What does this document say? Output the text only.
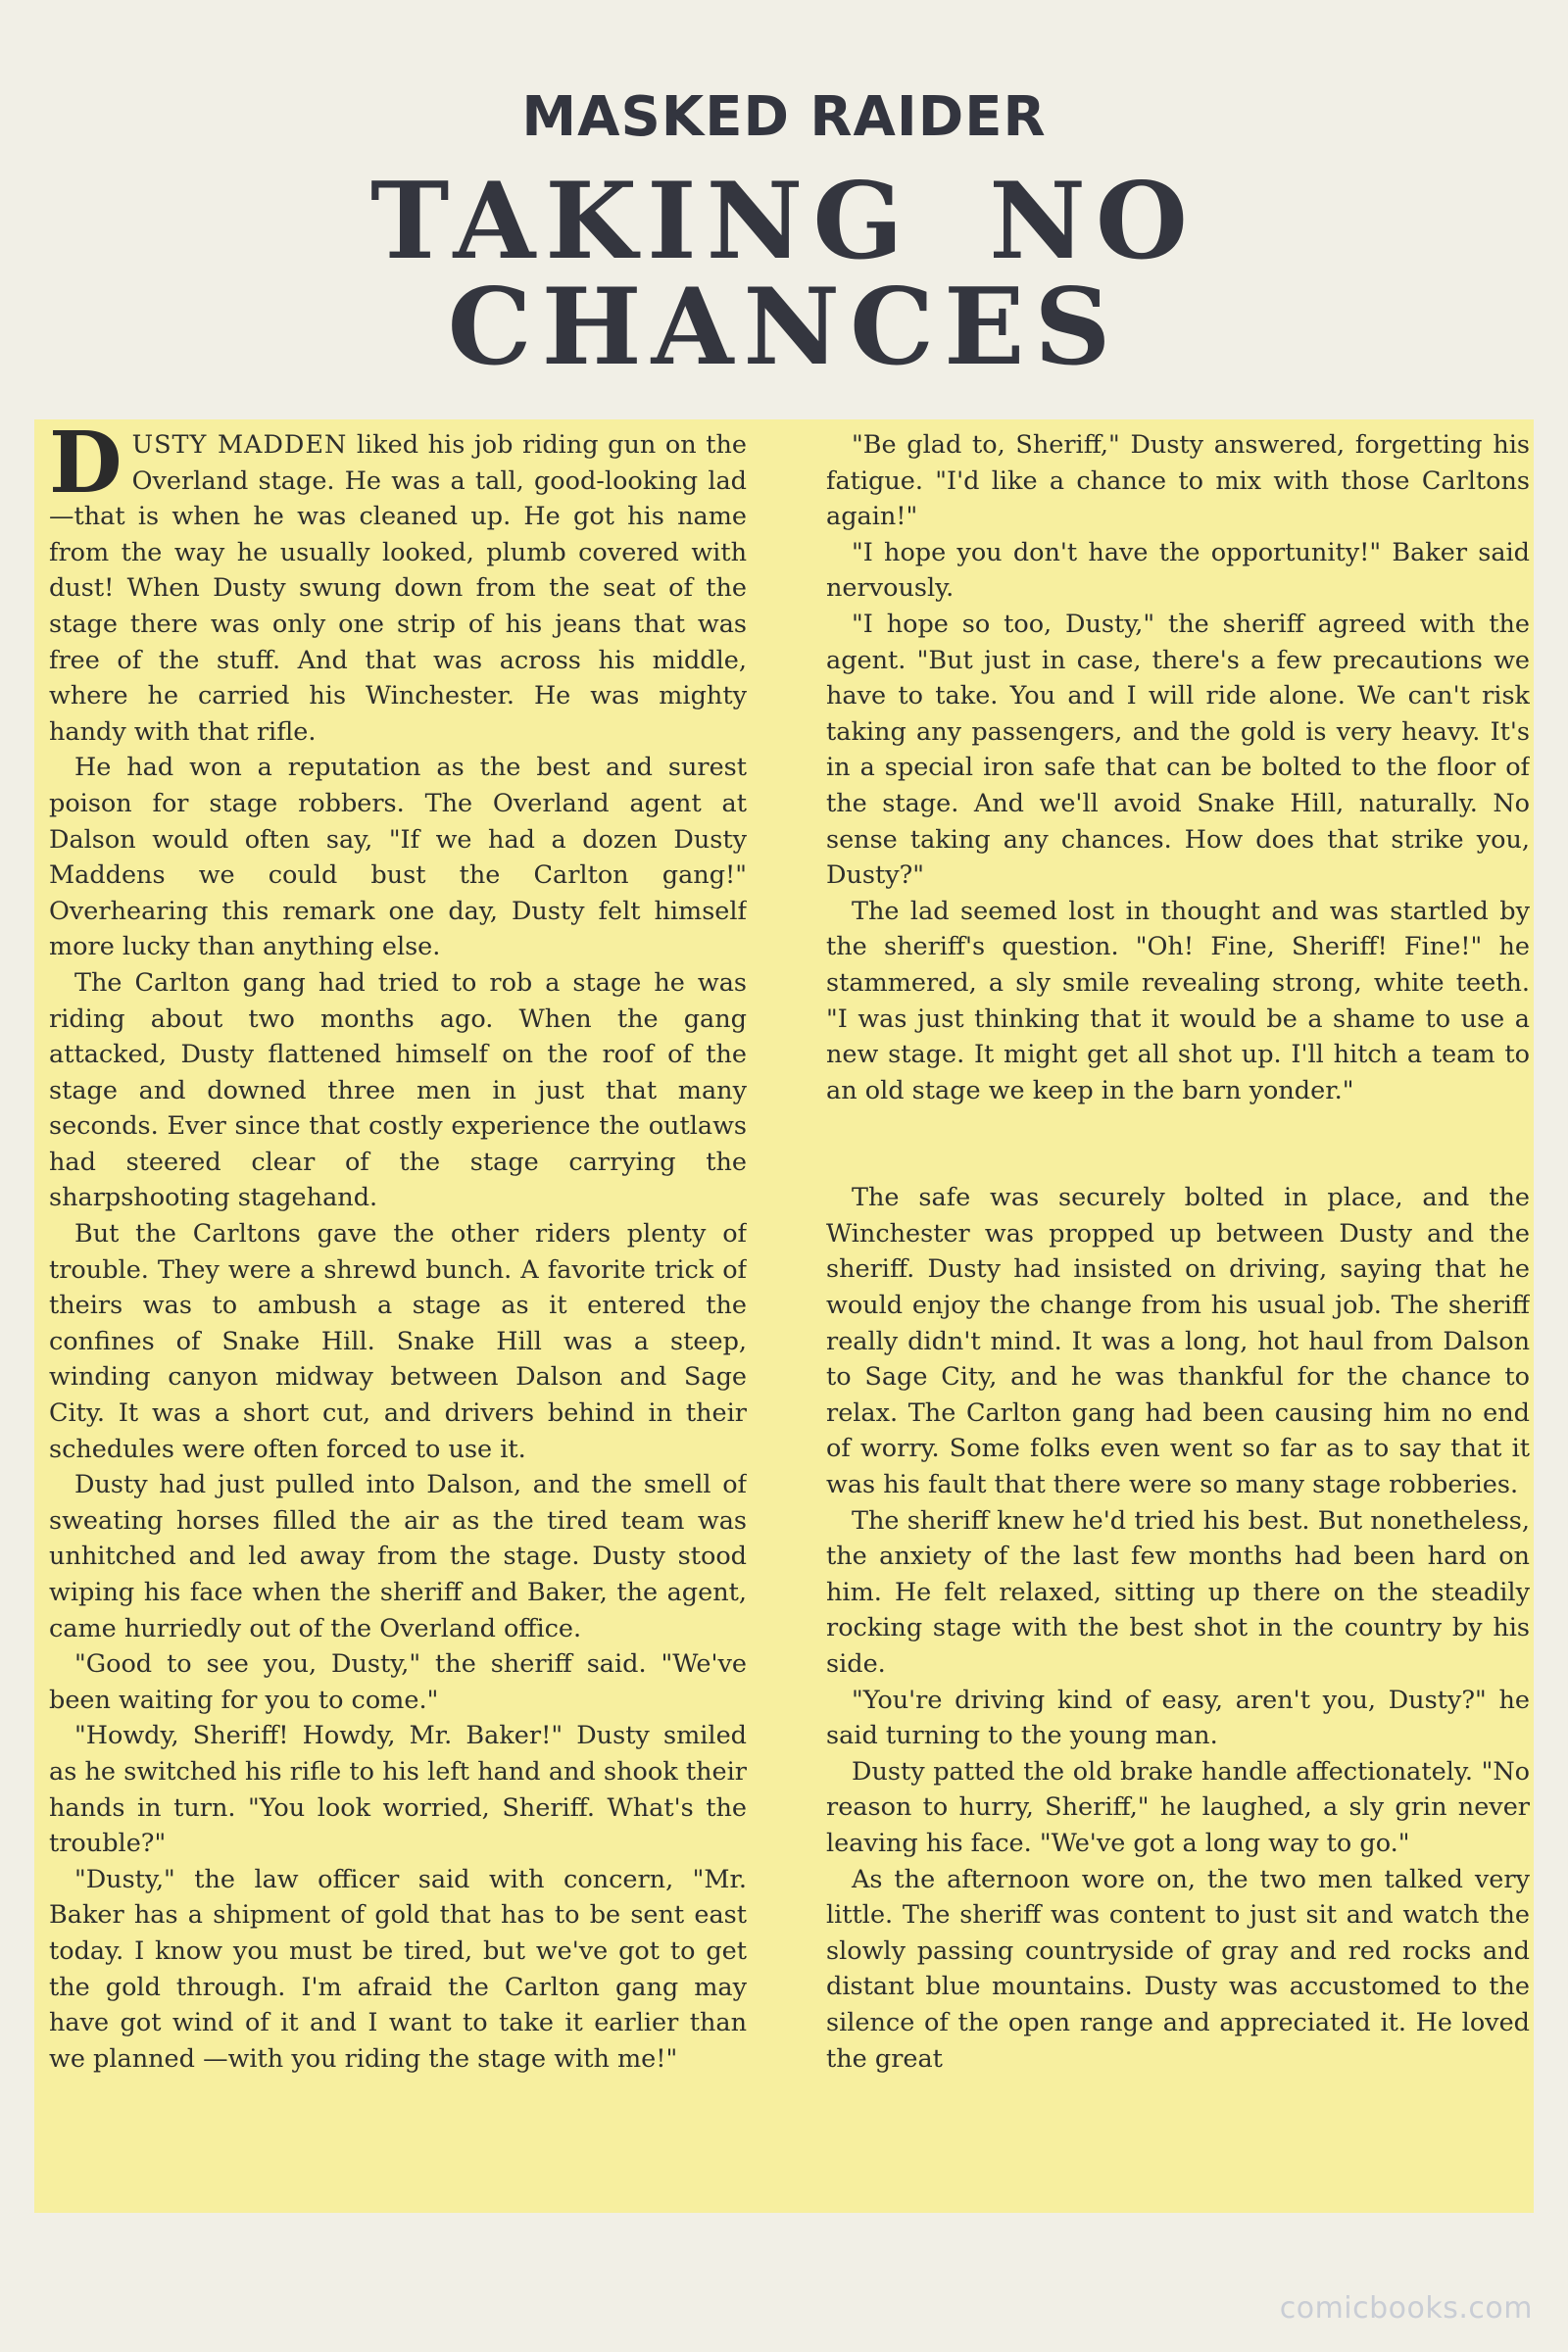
MASKED RAIDER
TAKING NO CHANCES

DUSTY MADDEN liked his job riding gun on the Overland stage. He was a tall, good-looking lad—that is when he was cleaned up. He got his name from the way he usually looked, plumb covered with dust! When Dusty swung down from the seat of the stage there was only one strip of his jeans that was free of the stuff. And that was across his middle, where he carried his Winchester. He was mighty handy with that rifle.

He had won a reputation as the best and surest poison for stage robbers. The Overland agent at Dalson would often say, "If we had a dozen Dusty Maddens we could bust the Carlton gang!" Overhearing this remark one day, Dusty felt himself more lucky than anything else.

The Carlton gang had tried to rob a stage he was riding about two months ago. When the gang attacked, Dusty flattened himself on the roof of the stage and downed three men in just that many seconds. Ever since that costly experience the outlaws had steered clear of the stage carrying the sharpshooting stagehand.

But the Carltons gave the other riders plenty of trouble. They were a shrewd bunch. A favorite trick of theirs was to ambush a stage as it entered the confines of Snake Hill. Snake Hill was a steep, winding canyon midway between Dalson and Sage City. It was a short cut, and drivers behind in their schedules were often forced to use it.

Dusty had just pulled into Dalson, and the smell of sweating horses filled the air as the tired team was unhitched and led away from the stage. Dusty stood wiping his face when the sheriff and Baker, the agent, came hurriedly out of the Overland office.

"Good to see you, Dusty," the sheriff said. "We've been waiting for you to come."

"Howdy, Sheriff! Howdy, Mr. Baker!" Dusty smiled as he switched his rifle to his left hand and shook their hands in turn. "You look worried, Sheriff. What's the trouble?"

"Dusty," the law officer said with concern, "Mr. Baker has a shipment of gold that has to be sent east today. I know you must be tired, but we've got to get the gold through. I'm afraid the Carlton gang may have got wind of it and I want to take it earlier than we planned —with you riding the stage with me!"

"Be glad to, Sheriff," Dusty answered, forgetting his fatigue. "I'd like a chance to mix with those Carltons again!"

"I hope you don't have the opportunity!" Baker said nervously.

"I hope so too, Dusty," the sheriff agreed with the agent. "But just in case, there's a few precautions we have to take. You and I will ride alone. We can't risk taking any passengers, and the gold is very heavy. It's in a special iron safe that can be bolted to the floor of the stage. And we'll avoid Snake Hill, naturally. No sense taking any chances. How does that strike you, Dusty?"

The lad seemed lost in thought and was startled by the sheriff's question. "Oh! Fine, Sheriff! Fine!" he stammered, a sly smile revealing strong, white teeth. "I was just thinking that it would be a shame to use a new stage. It might get all shot up. I'll hitch a team to an old stage we keep in the barn yonder."

The safe was securely bolted in place, and the Winchester was propped up between Dusty and the sheriff. Dusty had insisted on driving, saying that he would enjoy the change from his usual job. The sheriff really didn't mind. It was a long, hot haul from Dalson to Sage City, and he was thankful for the chance to relax. The Carlton gang had been causing him no end of worry. Some folks even went so far as to say that it was his fault that there were so many stage robberies.

The sheriff knew he'd tried his best. But nonetheless, the anxiety of the last few months had been hard on him. He felt relaxed, sitting up there on the steadily rocking stage with the best shot in the country by his side.

"You're driving kind of easy, aren't you, Dusty?" he said turning to the young man.

Dusty patted the old brake handle affectionately. "No reason to hurry, Sheriff," he laughed, a sly grin never leaving his face. "We've got a long way to go."

As the afternoon wore on, the two men talked very little. The sheriff was content to just sit and watch the slowly passing countryside of gray and red rocks and distant blue mountains. Dusty was accustomed to the silence of the open range and appreciated it. He loved the great

comicbooks.com
